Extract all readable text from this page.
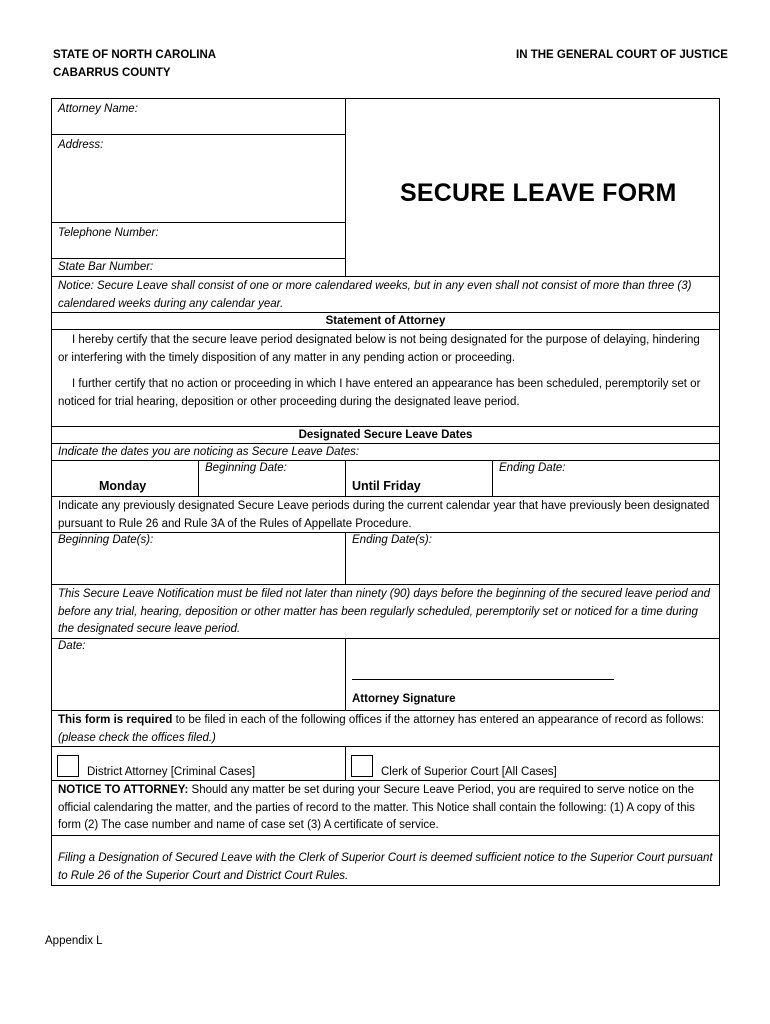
STATE OF NORTH CAROLINA
CABARRUS COUNTY
IN THE GENERAL COURT OF JUSTICE
Attorney Name:
Address:
Telephone Number:
State Bar Number:
SECURE LEAVE FORM
Notice: Secure Leave shall consist of one or more calendared weeks, but in any even shall not consist of more than three (3) calendared weeks during any calendar year.
Statement of Attorney
I hereby certify that the secure leave period designated below is not being designated for the purpose of delaying, hindering or interfering with the timely disposition of any matter in any pending action or proceeding.
I further certify that no action or proceeding in which I have entered an appearance has been scheduled, peremptorily set or noticed for trial hearing, deposition or other proceeding during the designated leave period.
Designated Secure Leave Dates
Indicate the dates you are noticing as Secure Leave Dates:
Monday
Beginning Date:
Until Friday
Ending Date:
Indicate any previously designated Secure Leave periods during the current calendar year that have previously been designated pursuant to Rule 26 and Rule 3A of the Rules of Appellate Procedure.
Beginning Date(s):	Ending Date(s):
This Secure Leave Notification must be filed not later than ninety (90) days before the beginning of the secured leave period and before any trial, hearing, deposition or other matter has been regularly scheduled, peremptorily set or noticed for a time during the designated secure leave period.
Date:
Attorney Signature
This form is required to be filed in each of the following offices if the attorney has entered an appearance of record as follows: (please check the offices filed.)
District Attorney [Criminal Cases]	Clerk of Superior Court [All Cases]
NOTICE TO ATTORNEY: Should any matter be set during your Secure Leave Period, you are required to serve notice on the official calendaring the matter, and the parties of record to the matter. This Notice shall contain the following: (1) A copy of this form (2) The case number and name of case set (3) A certificate of service.
Filing a Designation of Secured Leave with the Clerk of Superior Court is deemed sufficient notice to the Superior Court pursuant to Rule 26 of the Superior Court and District Court Rules.
Appendix L
